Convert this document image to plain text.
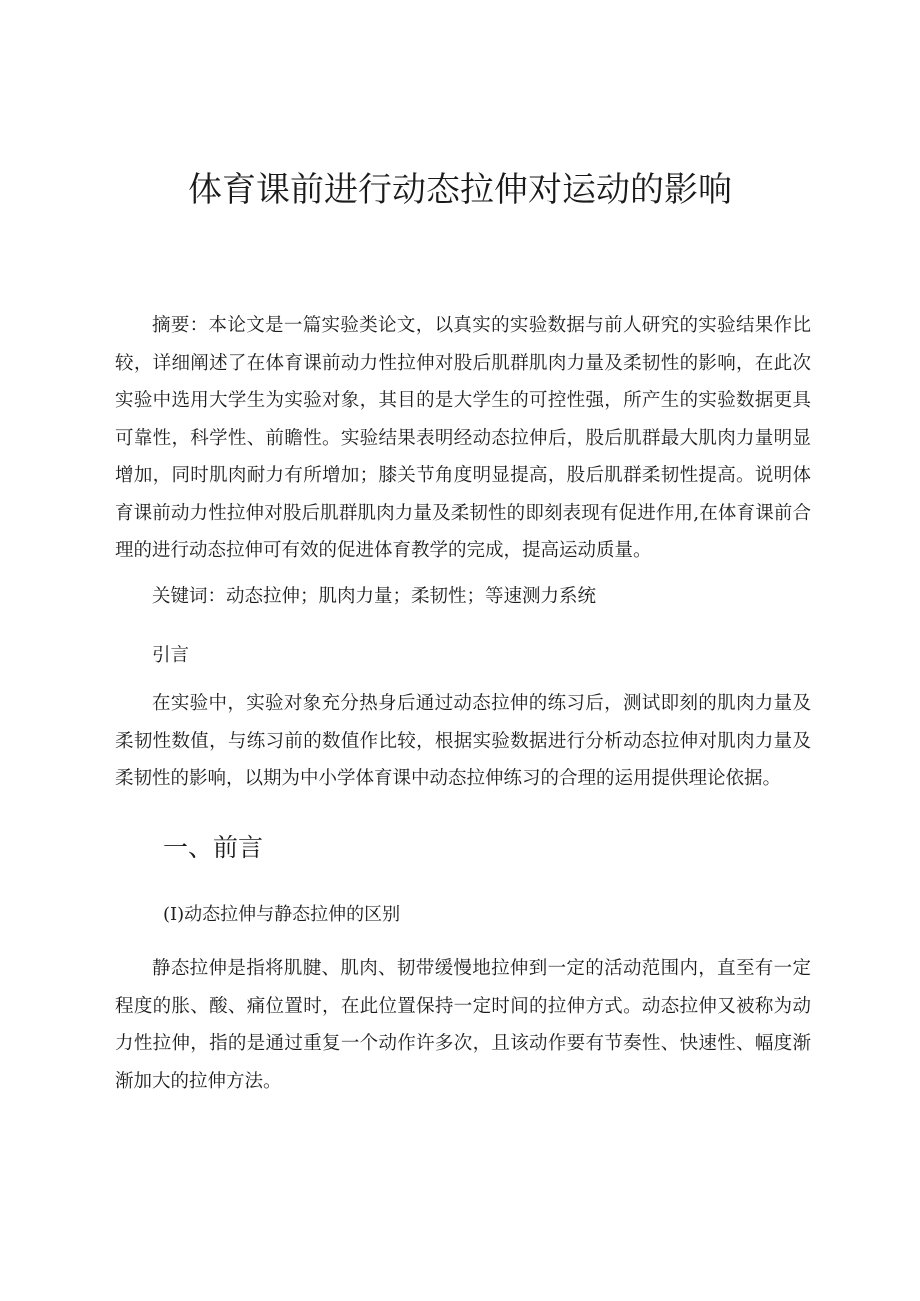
体育课前进行动态拉伸对运动的影响

摘要：本论文是一篇实验类论文，以真实的实验数据与前人研究的实验结果作比较，详细阐述了在体育课前动力性拉伸对股后肌群肌肉力量及柔韧性的影响，在此次实验中选用大学生为实验对象，其目的是大学生的可控性强，所产生的实验数据更具可靠性，科学性、前瞻性。实验结果表明经动态拉伸后，股后肌群最大肌肉力量明显增加，同时肌肉耐力有所增加；膝关节角度明显提高，股后肌群柔韧性提高。说明体育课前动力性拉伸对股后肌群肌肉力量及柔韧性的即刻表现有促进作用,在体育课前合理的进行动态拉伸可有效的促进体育教学的完成，提高运动质量。

关键词：动态拉伸；肌肉力量；柔韧性；等速测力系统

引言

在实验中，实验对象充分热身后通过动态拉伸的练习后，测试即刻的肌肉力量及柔韧性数值，与练习前的数值作比较，根据实验数据进行分析动态拉伸对肌肉力量及柔韧性的影响，以期为中小学体育课中动态拉伸练习的合理的运用提供理论依据。

一、前言
(I)动态拉伸与静态拉伸的区别

静态拉伸是指将肌腱、肌肉、韧带缓慢地拉伸到一定的活动范围内，直至有一定程度的胀、酸、痛位置时，在此位置保持一定时间的拉伸方式。动态拉伸又被称为动力性拉伸，指的是通过重复一个动作许多次，且该动作要有节奏性、快速性、幅度渐渐加大的拉伸方法。
